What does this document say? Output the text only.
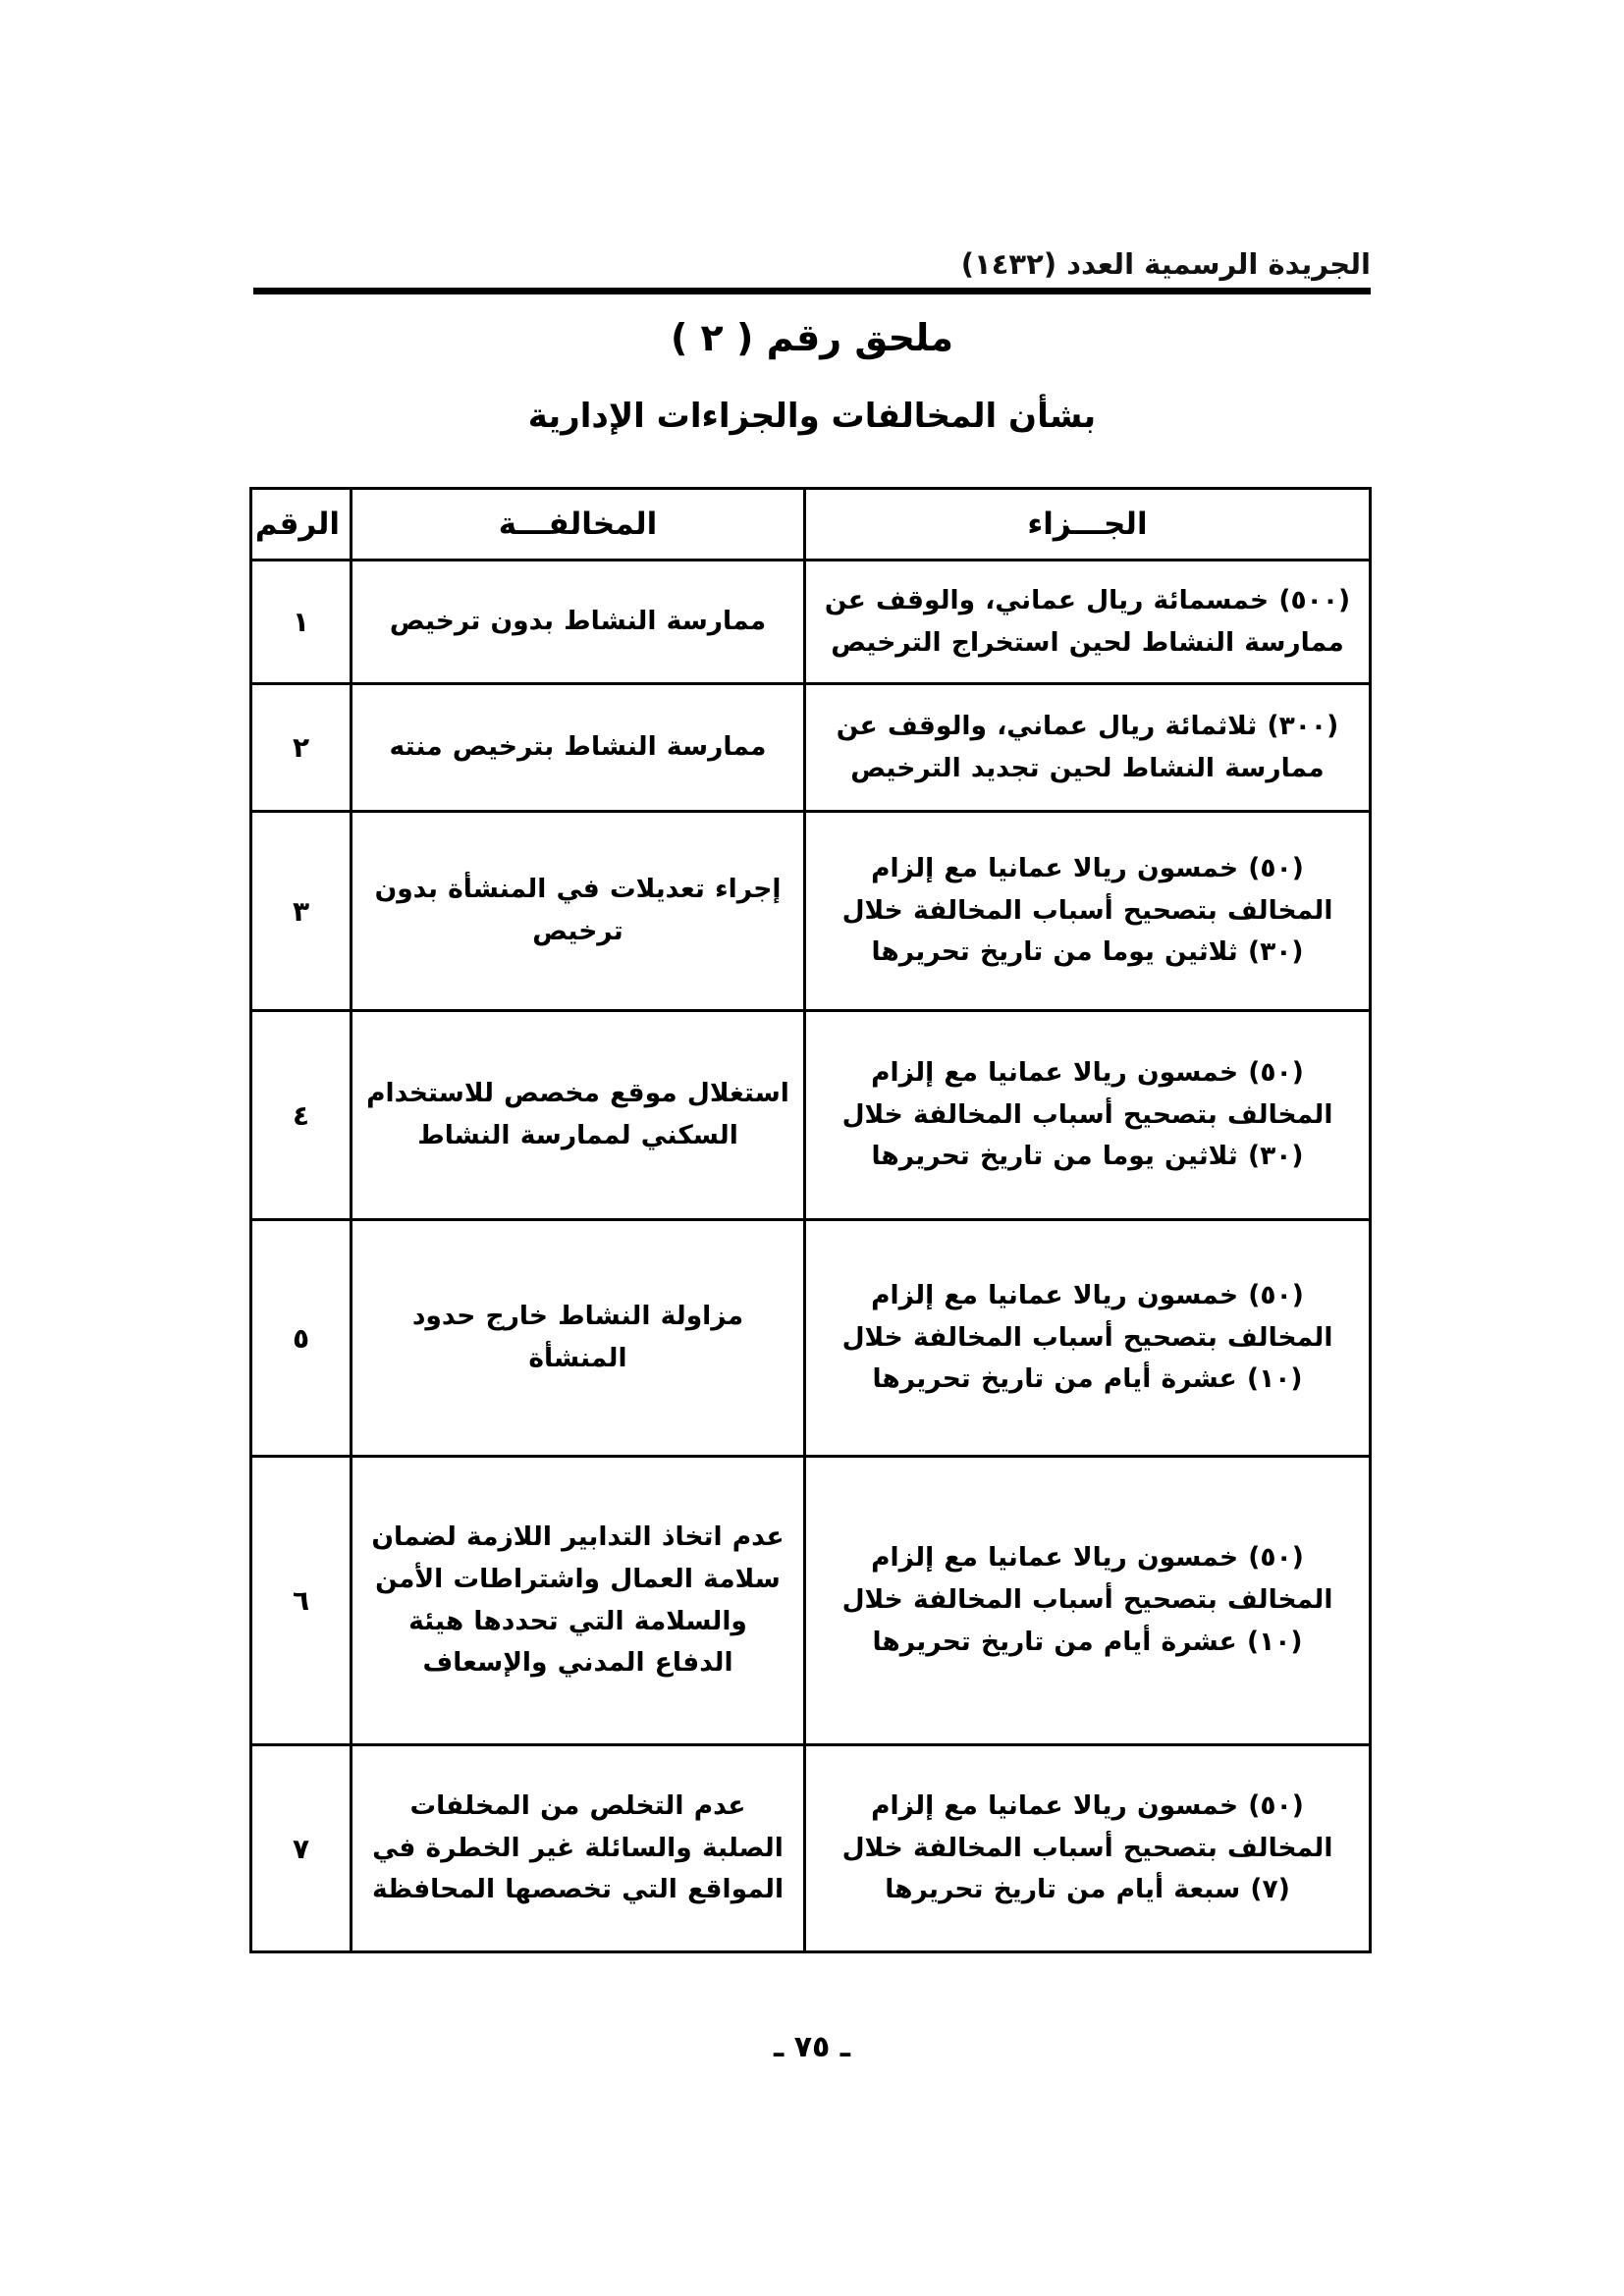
الجريدة الرسمية العدد (١٤٣٢)
ملحق رقم ( ٢ )
بشأن المخالفات والجزاءات الإدارية
الجـــزاء	المخالفـــة	الرقم
(٥٠٠) خمسمائة ريال عماني، والوقف عن ممارسة النشاط لحين استخراج الترخيص	ممارسة النشاط بدون ترخيص	١
(٣٠٠) ثلاثمائة ريال عماني، والوقف عن ممارسة النشاط لحين تجديد الترخيص	ممارسة النشاط بترخيص منته	٢
(٥٠) خمسون ريالا عمانيا مع إلزام المخالف بتصحيح أسباب المخالفة خلال (٣٠) ثلاثين يوما من تاريخ تحريرها	إجراء تعديلات في المنشأة بدون ترخيص	٣
(٥٠) خمسون ريالا عمانيا مع إلزام المخالف بتصحيح أسباب المخالفة خلال (٣٠) ثلاثين يوما من تاريخ تحريرها	استغلال موقع مخصص للاستخدام السكني لممارسة النشاط	٤
(٥٠) خمسون ريالا عمانيا مع إلزام المخالف بتصحيح أسباب المخالفة خلال (١٠) عشرة أيام من تاريخ تحريرها	مزاولة النشاط خارج حدود المنشأة	٥
(٥٠) خمسون ريالا عمانيا مع إلزام المخالف بتصحيح أسباب المخالفة خلال (١٠) عشرة أيام من تاريخ تحريرها	عدم اتخاذ التدابير اللازمة لضمان سلامة العمال واشتراطات الأمن والسلامة التي تحددها هيئة الدفاع المدني والإسعاف	٦
(٥٠) خمسون ريالا عمانيا مع إلزام المخالف بتصحيح أسباب المخالفة خلال (٧) سبعة أيام من تاريخ تحريرها	عدم التخلص من المخلفات الصلبة والسائلة غير الخطرة في المواقع التي تخصصها المحافظة	٧
ـ ٧٥ ـ
